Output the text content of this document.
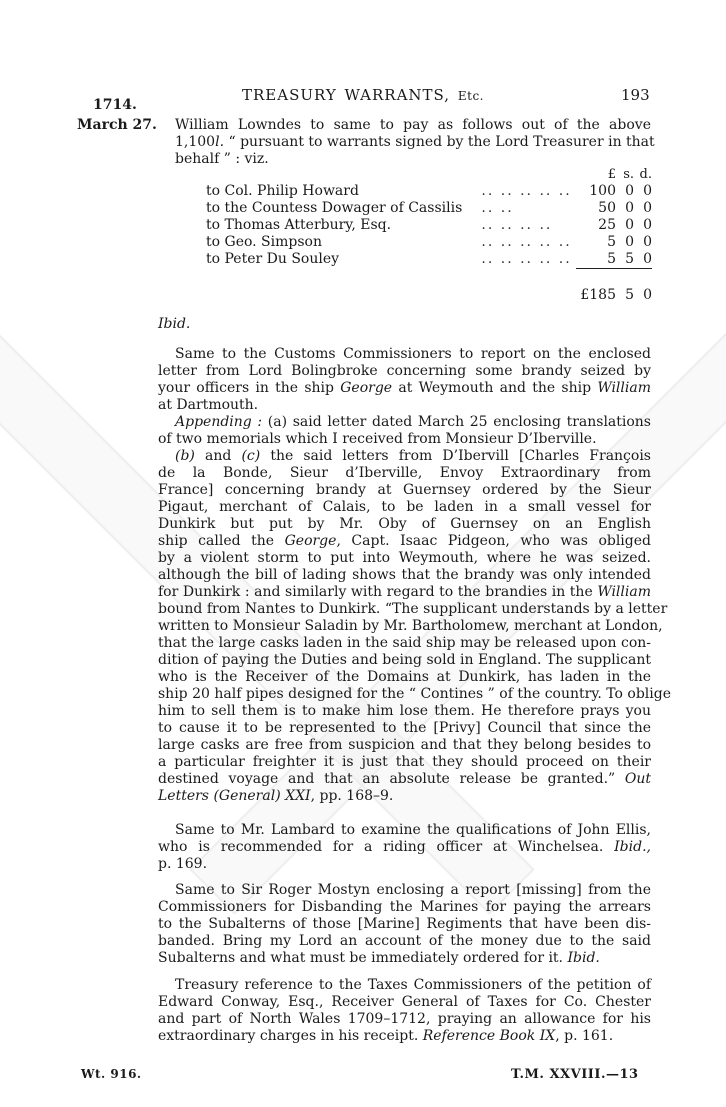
TREASURY WARRANTS, Etc.	193
1714.
March 27. William Lowndes to same to pay as follows out of the above
1,100l. “ pursuant to warrants signed by the Lord Treasurer in that
behalf ” : viz.
		£	s.	d.
to Col. Philip Howard	.. .. .. .. ..	100	0	0
to the Countess Dowager of Cassilis	.. ..	50	0	0
to Thomas Atterbury, Esq.	.. .. .. ..	25	0	0
to Geo. Simpson	.. .. .. .. ..	5	0	0
to Peter Du Souley	.. .. .. .. ..	5	5	0

		£185	5	0
Ibid.
Same to the Customs Commissioners to report on the enclosed
letter from Lord Bolingbroke concerning some brandy seized by
your officers in the ship George at Weymouth and the ship William
at Dartmouth.
Appending : (a) said letter dated March 25 enclosing translations
of two memorials which I received from Monsieur D’Iberville.
(b) and (c) the said letters from D’Ibervill [Charles François
de la Bonde, Sieur d’Iberville, Envoy Extraordinary from
France] concerning brandy at Guernsey ordered by the Sieur
Pigaut, merchant of Calais, to be laden in a small vessel for
Dunkirk but put by Mr. Oby of Guernsey on an English
ship called the George, Capt. Isaac Pidgeon, who was obliged
by a violent storm to put into Weymouth, where he was seized.
although the bill of lading shows that the brandy was only intended
for Dunkirk : and similarly with regard to the brandies in the William
bound from Nantes to Dunkirk. “The supplicant understands by a letter
written to Monsieur Saladin by Mr. Bartholomew, merchant at London,
that the large casks laden in the said ship may be released upon con-
dition of paying the Duties and being sold in England. The supplicant
who is the Receiver of the Domains at Dunkirk, has laden in the
ship 20 half pipes designed for the “ Contines ” of the country. To oblige
him to sell them is to make him lose them. He therefore prays you
to cause it to be represented to the [Privy] Council that since the
large casks are free from suspicion and that they belong besides to
a particular freighter it is just that they should proceed on their
destined voyage and that an absolute release be granted.” Out
Letters (General) XXI, pp. 168–9.
Same to Mr. Lambard to examine the qualifications of John Ellis,
who is recommended for a riding officer at Winchelsea. Ibid.,
p. 169.
Same to Sir Roger Mostyn enclosing a report [missing] from the
Commissioners for Disbanding the Marines for paying the arrears
to the Subalterns of those [Marine] Regiments that have been dis-
banded. Bring my Lord an account of the money due to the said
Subalterns and what must be immediately ordered for it. Ibid.
Treasury reference to the Taxes Commissioners of the petition of
Edward Conway, Esq., Receiver General of Taxes for Co. Chester
and part of North Wales 1709–1712, praying an allowance for his
extraordinary charges in his receipt. Reference Book IX, p. 161.
Wt. 916.	T.M. XXVIII.—13
